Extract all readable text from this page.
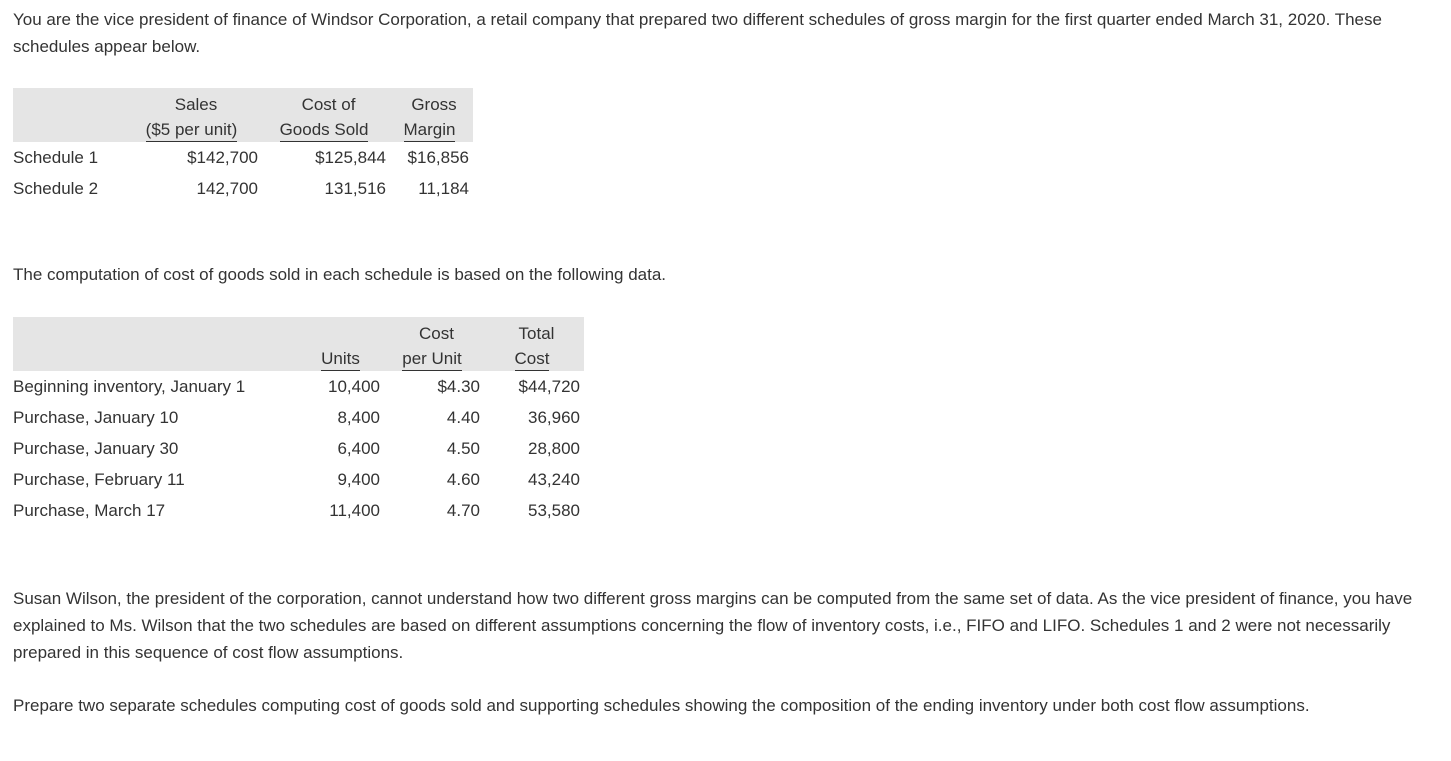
You are the vice president of finance of Windsor Corporation, a retail company that prepared two different schedules of gross margin for the first quarter ended March 31, 2020. These schedules appear below.

	Sales	Cost of	Gross
	($5 per unit)	Goods Sold	Margin
Schedule 1	$142,700	$125,844	$16,856
Schedule 2	142,700	131,516	11,184

The computation of cost of goods sold in each schedule is based on the following data.

		Cost	Total
	Units	per Unit	Cost
Beginning inventory, January 1	10,400	$4.30	$44,720
Purchase, January 10	8,400	4.40	36,960
Purchase, January 30	6,400	4.50	28,800
Purchase, February 11	9,400	4.60	43,240
Purchase, March 17	11,400	4.70	53,580

Susan Wilson, the president of the corporation, cannot understand how two different gross margins can be computed from the same set of data. As the vice president of finance, you have explained to Ms. Wilson that the two schedules are based on different assumptions concerning the flow of inventory costs, i.e., FIFO and LIFO. Schedules 1 and 2 were not necessarily prepared in this sequence of cost flow assumptions.

Prepare two separate schedules computing cost of goods sold and supporting schedules showing the composition of the ending inventory under both cost flow assumptions.
